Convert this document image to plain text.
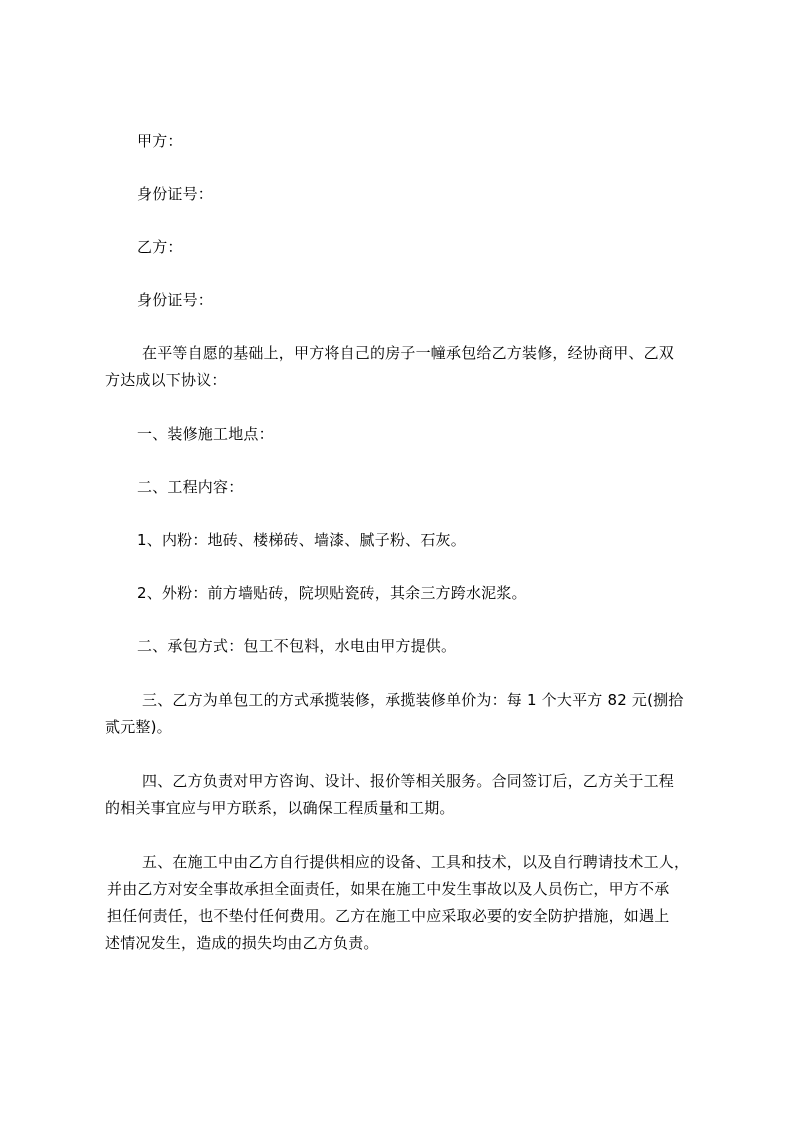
甲方：
身份证号：
乙方：
身份证号：
在平等自愿的基础上，甲方将自己的房子一幢承包给乙方装修，经协商甲、乙双
方达成以下协议：
一、装修施工地点：
二、工程内容：
1、内粉：地砖、楼梯砖、墙漆、腻子粉、石灰。
2、外粉：前方墙贴砖，院坝贴瓷砖，其余三方跨水泥浆。
二、承包方式：包工不包料，水电由甲方提供。
三、乙方为单包工的方式承揽装修，承揽装修单价为：每 1 个大平方 82 元(捌拾
贰元整)。
四、乙方负责对甲方咨询、设计、报价等相关服务。合同签订后，乙方关于工程
的相关事宜应与甲方联系，以确保工程质量和工期。
五、在施工中由乙方自行提供相应的设备、工具和技术，以及自行聘请技术工人，
并由乙方对安全事故承担全面责任，如果在施工中发生事故以及人员伤亡，甲方不承
担任何责任，也不垫付任何费用。乙方在施工中应采取必要的安全防护措施，如遇上
述情况发生，造成的损失均由乙方负责。
